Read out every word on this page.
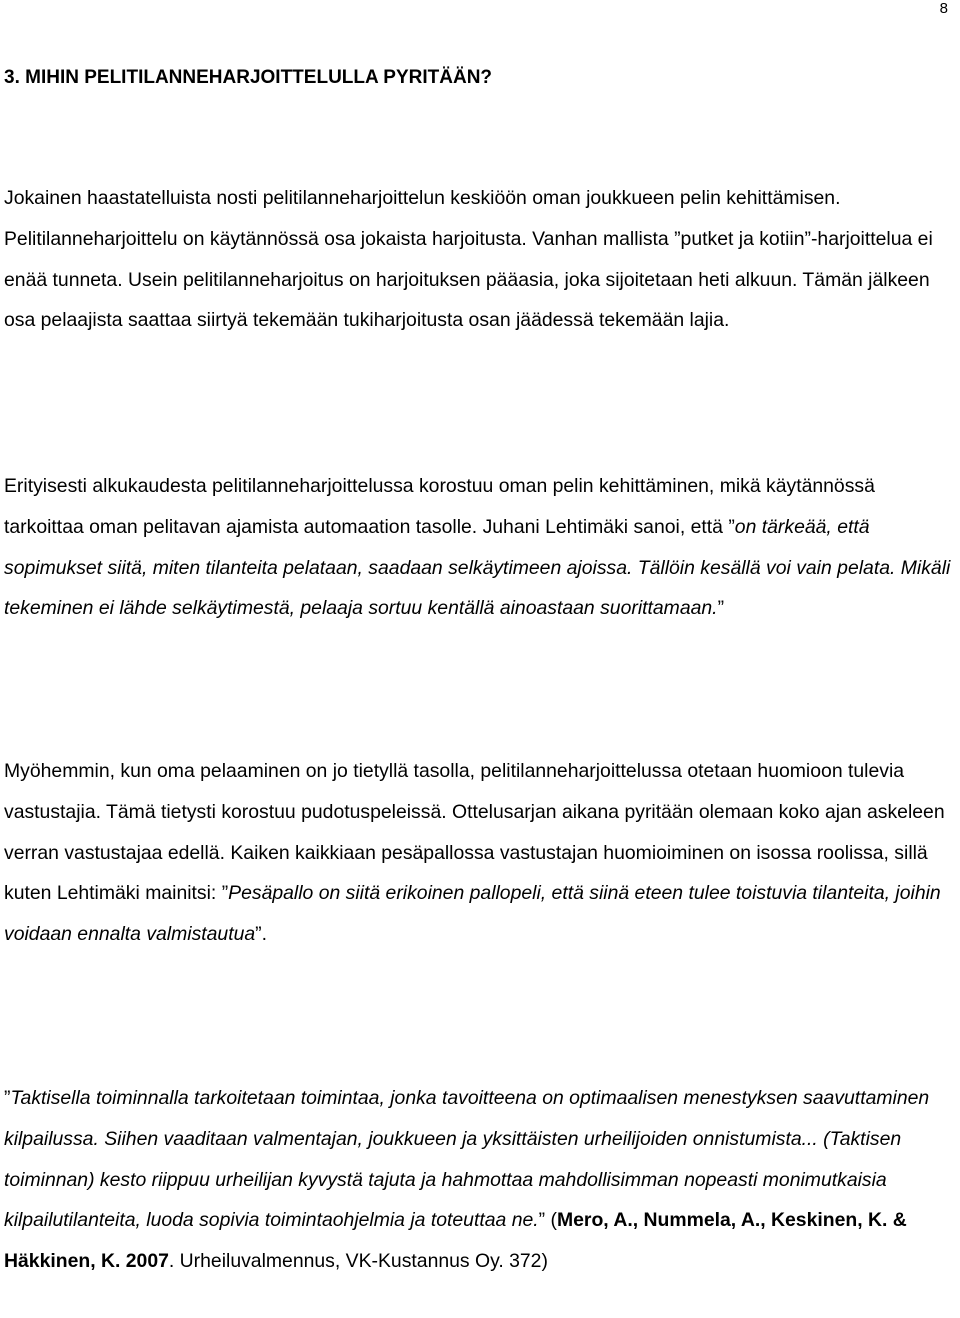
8
3. MIHIN PELITILANNEHARJOITTELULLA PYRITÄÄN?

Jokainen haastatelluista nosti pelitilanneharjoittelun keskiöön oman joukkueen pelin kehittämisen. Pelitilanneharjoittelu on käytännössä osa jokaista harjoitusta. Vanhan mallista ”putket ja kotiin”-harjoittelua ei enää tunneta. Usein pelitilanneharjoitus on harjoituksen pääasia, joka sijoitetaan heti alkuun. Tämän jälkeen osa pelaajista saattaa siirtyä tekemään tukiharjoitusta osan jäädessä tekemään lajia.

Erityisesti alkukaudesta pelitilanneharjoittelussa korostuu oman pelin kehittäminen, mikä käytännössä tarkoittaa oman pelitavan ajamista automaation tasolle. Juhani Lehtimäki sanoi, että ”on tärkeää, että sopimukset siitä, miten tilanteita pelataan, saadaan selkäytimeen ajoissa. Tällöin kesällä voi vain pelata. Mikäli tekeminen ei lähde selkäytimestä, pelaaja sortuu kentällä ainoastaan suorittamaan.”

Myöhemmin, kun oma pelaaminen on jo tietyllä tasolla, pelitilanneharjoittelussa otetaan huomioon tulevia vastustajia. Tämä tietysti korostuu pudotuspeleissä. Ottelusarjan aikana pyritään olemaan koko ajan askeleen verran vastustajaa edellä. Kaiken kaikkiaan pesäpallossa vastustajan huomioiminen on isossa roolissa, sillä kuten Lehtimäki mainitsi: ”Pesäpallo on siitä erikoinen pallopeli, että siinä eteen tulee toistuvia tilanteita, joihin voidaan ennalta valmistautua”.

”Taktisella toiminnalla tarkoitetaan toimintaa, jonka tavoitteena on optimaalisen menestyksen saavuttaminen kilpailussa. Siihen vaaditaan valmentajan, joukkueen ja yksittäisten urheilijoiden onnistumista... (Taktisen toiminnan) kesto riippuu urheilijan kyvystä tajuta ja hahmottaa mahdollisimman nopeasti monimutkaisia kilpailutilanteita, luoda sopivia toimintaohjelmia ja toteuttaa ne.” (Mero, A., Nummela, A., Keskinen, K. & Häkkinen, K. 2007. Urheiluvalmennus, VK-Kustannus Oy. 372)
